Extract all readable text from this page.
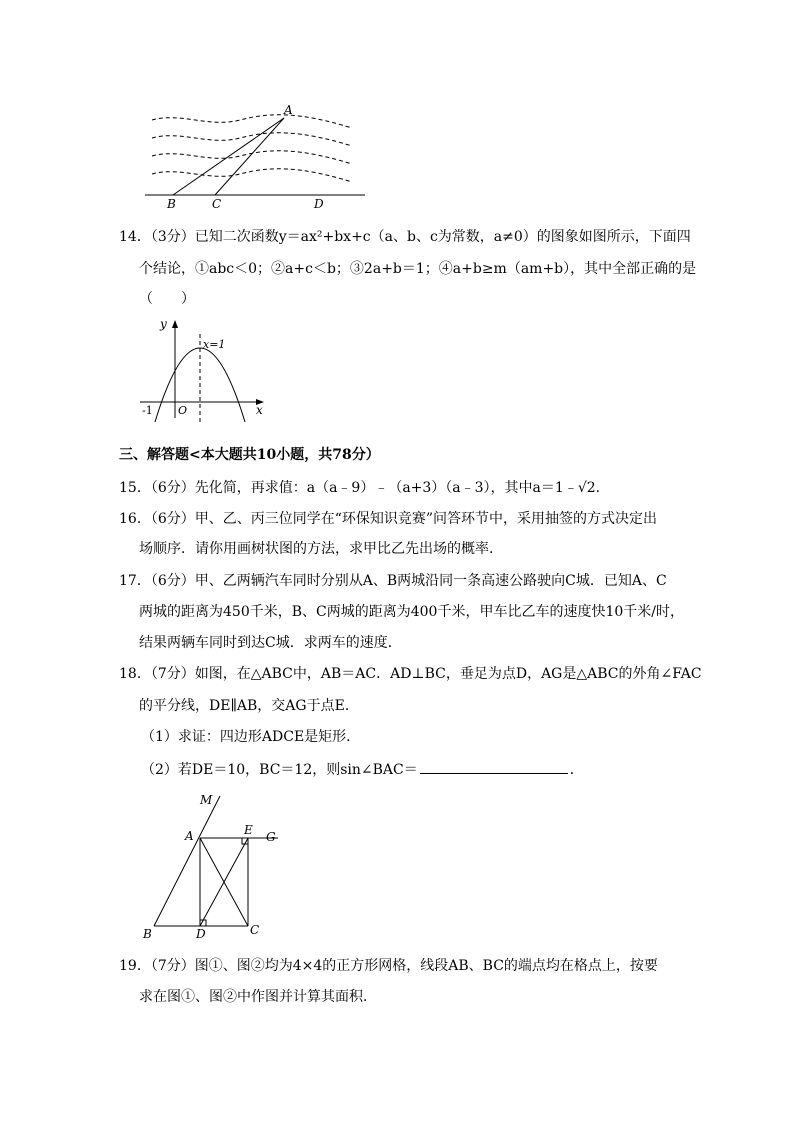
A
B	C	D
14．（3分）已知二次函数y＝ax²+bx+c（a、b、c为常数，a≠0）的图象如图所示，下面四
个结论，①abc＜0；②a+c＜b；③2a+b＝1；④a+b≥m（am+b），其中全部正确的是
（　　）
y
x
x=1
-1 O
三、解答题<本大题共10小题，共78分）
15．（6分）先化简，再求值：a（a﹣9）﹣（a+3）（a﹣3），其中a＝1﹣√2.
16．（6分）甲、乙、丙三位同学在“环保知识竞赛”问答环节中，采用抽签的方式决定出
场顺序．请你用画树状图的方法，求甲比乙先出场的概率．
17．（6分）甲、乙两辆汽车同时分别从A、B两城沿同一条高速公路驶向C城．已知A、C
两城的距离为450千米，B、C两城的距离为400千米，甲车比乙车的速度快10千米/时，
结果两辆车同时到达C城．求两车的速度．
18．（7分）如图，在△ABC中，AB＝AC．AD⊥BC，垂足为点D，AG是△ABC的外角∠FAC
的平分线，DE∥AB，交AG于点E．
（1）求证：四边形ADCE是矩形．
（2）若DE＝10，BC＝12，则sin∠BAC＝	．
M
A	E G
B	D	C
19．（7分）图①、图②均为4×4的正方形网格，线段AB、BC的端点均在格点上，按要
求在图①、图②中作图并计算其面积．
